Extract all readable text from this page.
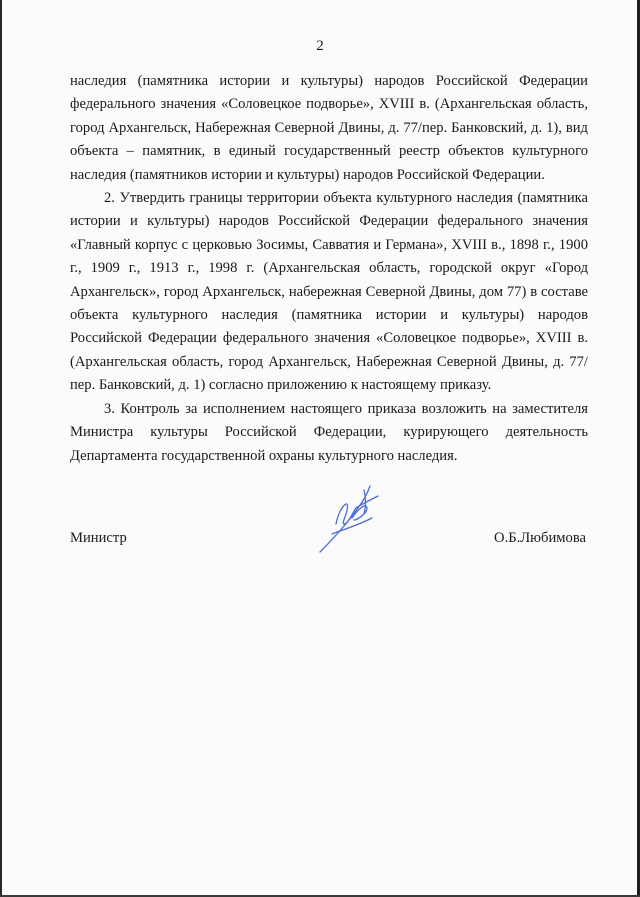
2

наследия (памятника истории и культуры) народов Российской Федерации федерального значения «Соловецкое подворье», XVIII в. (Архангельская область, город Архангельск, Набережная Северной Двины, д. 77/пер. Банковский, д. 1), вид объекта – памятник, в единый государственный реестр объектов культурного наследия (памятников истории и культуры) народов Российской Федерации.

2. Утвердить границы территории объекта культурного наследия (памятника истории и культуры) народов Российской Федерации федерального значения «Главный корпус с церковью Зосимы, Савватия и Германа», XVIII в., 1898 г., 1900 г., 1909 г., 1913 г., 1998 г. (Архангельская область, городской округ «Город Архангельск», город Архангельск, набережная Северной Двины, дом 77) в составе объекта культурного наследия (памятника истории и культуры) народов Российской Федерации федерального значения «Соловецкое подворье», XVIII в. (Архангельская область, город Архангельск, Набережная Северной Двины, д. 77/пер. Банковский, д. 1) согласно приложению к настоящему приказу.

3. Контроль за исполнением настоящего приказа возложить на заместителя Министра культуры Российской Федерации, курирующего деятельность Департамента государственной охраны культурного наследия.

Министр	О.Б.Любимова
